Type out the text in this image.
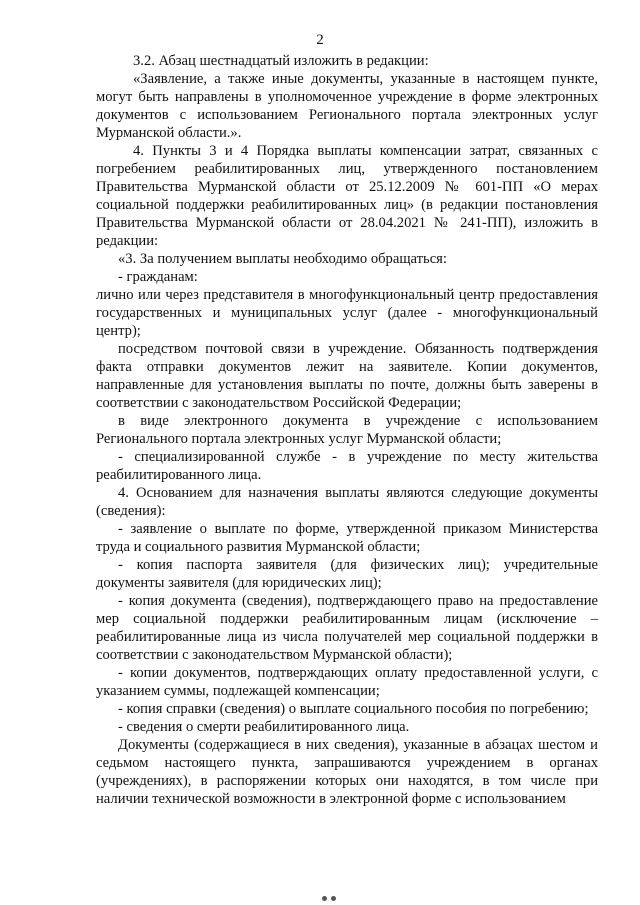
2

3.2. Абзац шестнадцатый изложить в редакции:

«Заявление, а также иные документы, указанные в настоящем пункте, могут быть направлены в уполномоченное учреждение в форме электронных документов с использованием Регионального портала электронных услуг Мурманской области.».

4. Пункты 3 и 4 Порядка выплаты компенсации затрат, связанных с погребением реабилитированных лиц, утвержденного постановлением Правительства Мурманской области от 25.12.2009 № 601-ПП «О мерах социальной поддержки реабилитированных лиц» (в редакции постановления Правительства Мурманской области от 28.04.2021 № 241-ПП), изложить в редакции:

«3. За получением выплаты необходимо обращаться:

- гражданам:

лично или через представителя в многофункциональный центр предоставления государственных и муниципальных услуг (далее - многофункциональный центр);

посредством почтовой связи в учреждение. Обязанность подтверждения факта отправки документов лежит на заявителе. Копии документов, направленные для установления выплаты по почте, должны быть заверены в соответствии с законодательством Российской Федерации;

в виде электронного документа в учреждение с использованием Регионального портала электронных услуг Мурманской области;

- специализированной службе - в учреждение по месту жительства реабилитированного лица.

4. Основанием для назначения выплаты являются следующие документы (сведения):

- заявление о выплате по форме, утвержденной приказом Министерства труда и социального развития Мурманской области;

- копия паспорта заявителя (для физических лиц); учредительные документы заявителя (для юридических лиц);

- копия документа (сведения), подтверждающего право на предоставление мер социальной поддержки реабилитированным лицам (исключение – реабилитированные лица из числа получателей мер социальной поддержки в соответствии с законодательством Мурманской области);

- копии документов, подтверждающих оплату предоставленной услуги, с указанием суммы, подлежащей компенсации;

- копия справки (сведения) о выплате социального пособия по погребению;

- сведения о смерти реабилитированного лица.

Документы (содержащиеся в них сведения), указанные в абзацах шестом и седьмом настоящего пункта, запрашиваются учреждением в органах (учреждениях), в распоряжении которых они находятся, в том числе при наличии технической возможности в электронной форме с использованием
